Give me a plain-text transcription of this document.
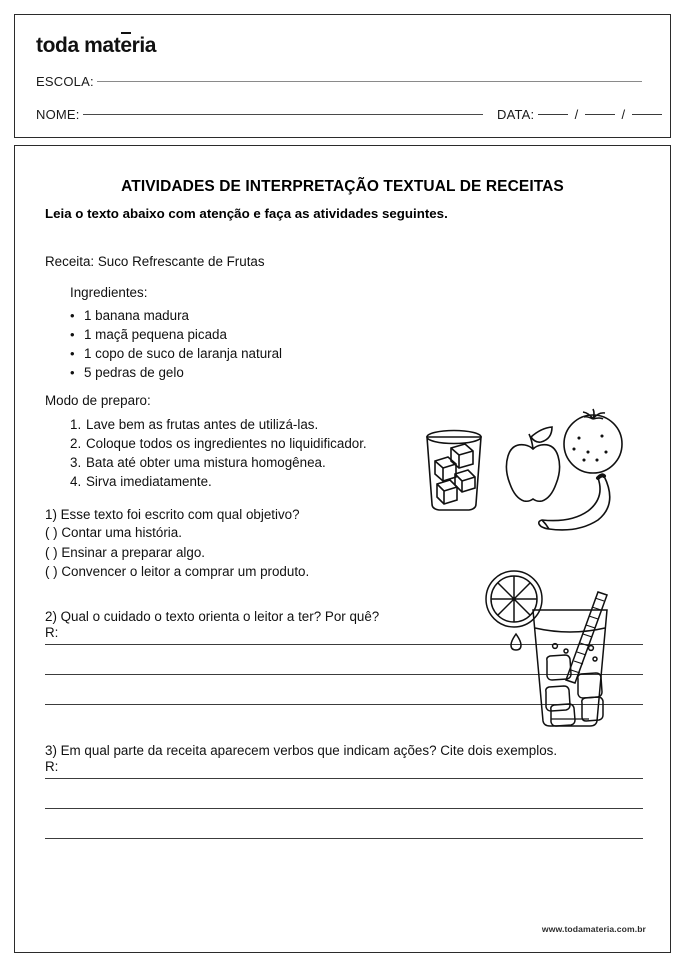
toda materia
ESCOLA:
NOME:	DATA:	/	/
ATIVIDADES DE INTERPRETAÇÃO TEXTUAL DE RECEITAS
Leia o texto abaixo com atenção e faça as atividades seguintes.
Receita: Suco Refrescante de Frutas
Ingredientes:
• 1 banana madura
• 1 maçã pequena picada
• 1 copo de suco de laranja natural
• 5 pedras de gelo
Modo de preparo:
Lave bem as frutas antes de utilizá-las.
Coloque todos os ingredientes no liquidificador.
Bata até obter uma mistura homogênea.
Sirva imediatamente.
1) Esse texto foi escrito com qual objetivo?
( ) Contar uma história.
( ) Ensinar a preparar algo.
( ) Convencer o leitor a comprar um produto.
2) Qual o cuidado o texto orienta o leitor a ter? Por quê?
R:
3) Em qual parte da receita aparecem verbos que indicam ações? Cite dois exemplos.
R:
www.todamateria.com.br
